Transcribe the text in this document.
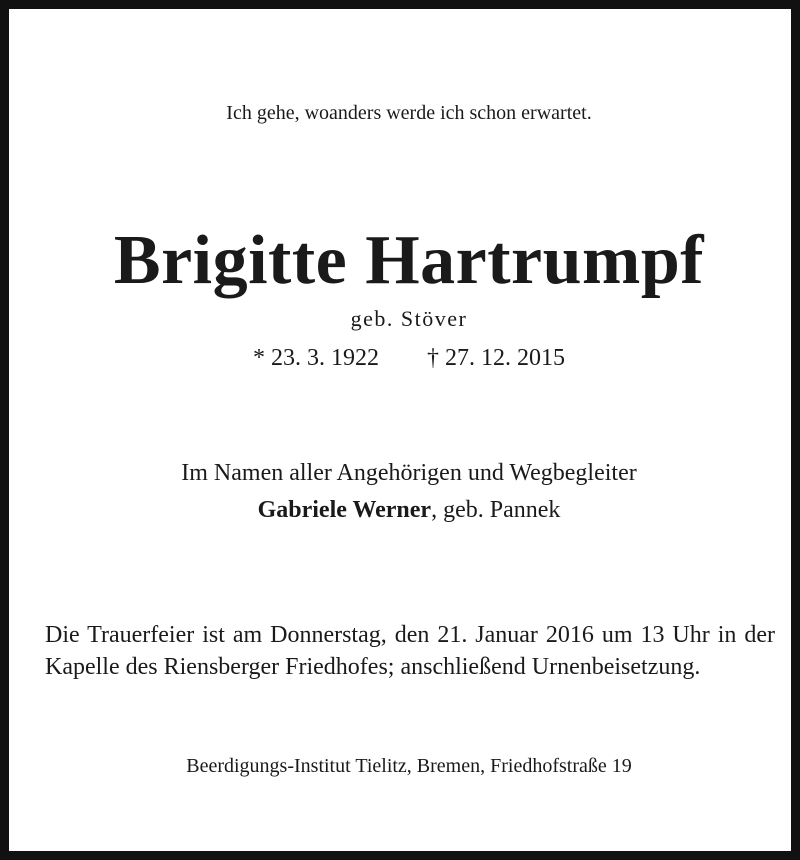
Ich gehe, woanders werde ich schon erwartet.
Brigitte Hartrumpf
geb. Stöver
* 23. 3. 1922 † 27. 12. 2015
Im Namen aller Angehörigen und Wegbegleiter
Gabriele Werner, geb. Pannek
Die Trauerfeier ist am Donnerstag, den 21. Januar 2016 um 13 Uhr in der Kapelle des Riensberger Friedhofes; anschließend Urnenbeisetzung.
Beerdigungs-Institut Tielitz, Bremen, Friedhofstraße 19
